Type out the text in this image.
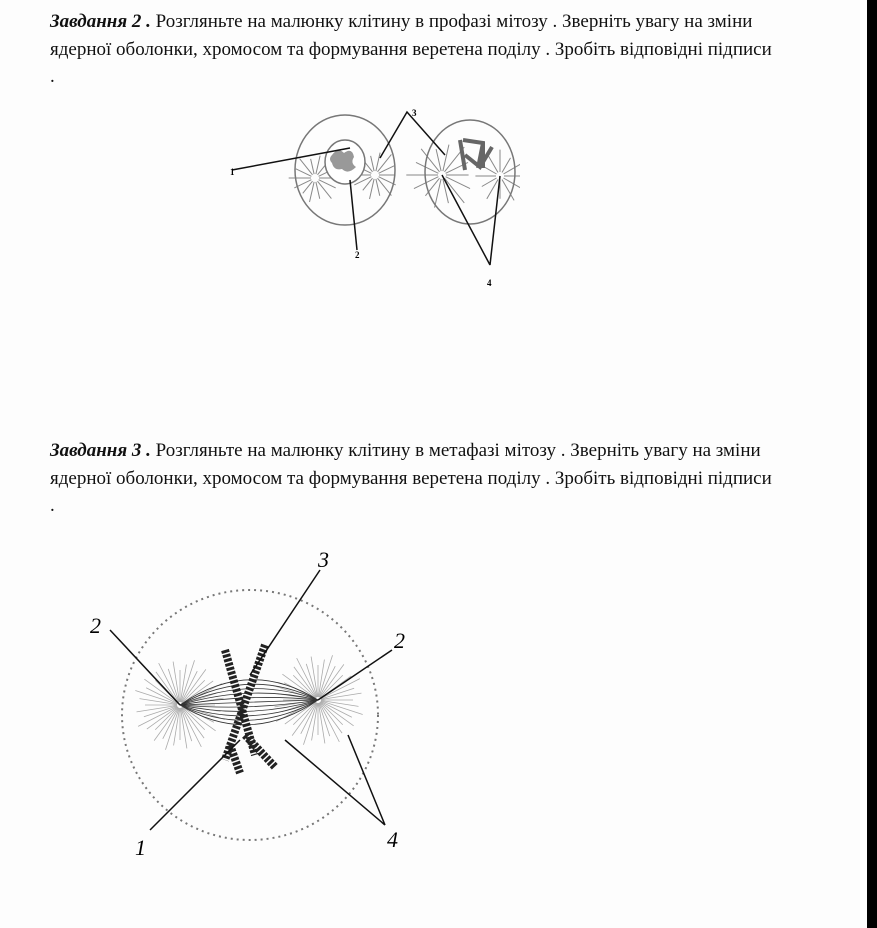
Завдання 2 . Розгляньте на малюнку клітину в профазі мітозу . Зверніть увагу на зміни ядерної оболонки, хромосом та формування веретена поділу . Зробіть відповідні підписи .
1
2
3
4
Завдання 3 . Розгляньте на малюнку клітину в метафазі мітозу . Зверніть увагу на зміни ядерної оболонки, хромосом та формування веретена поділу . Зробіть відповідні підписи .
3
2
2
1	4
